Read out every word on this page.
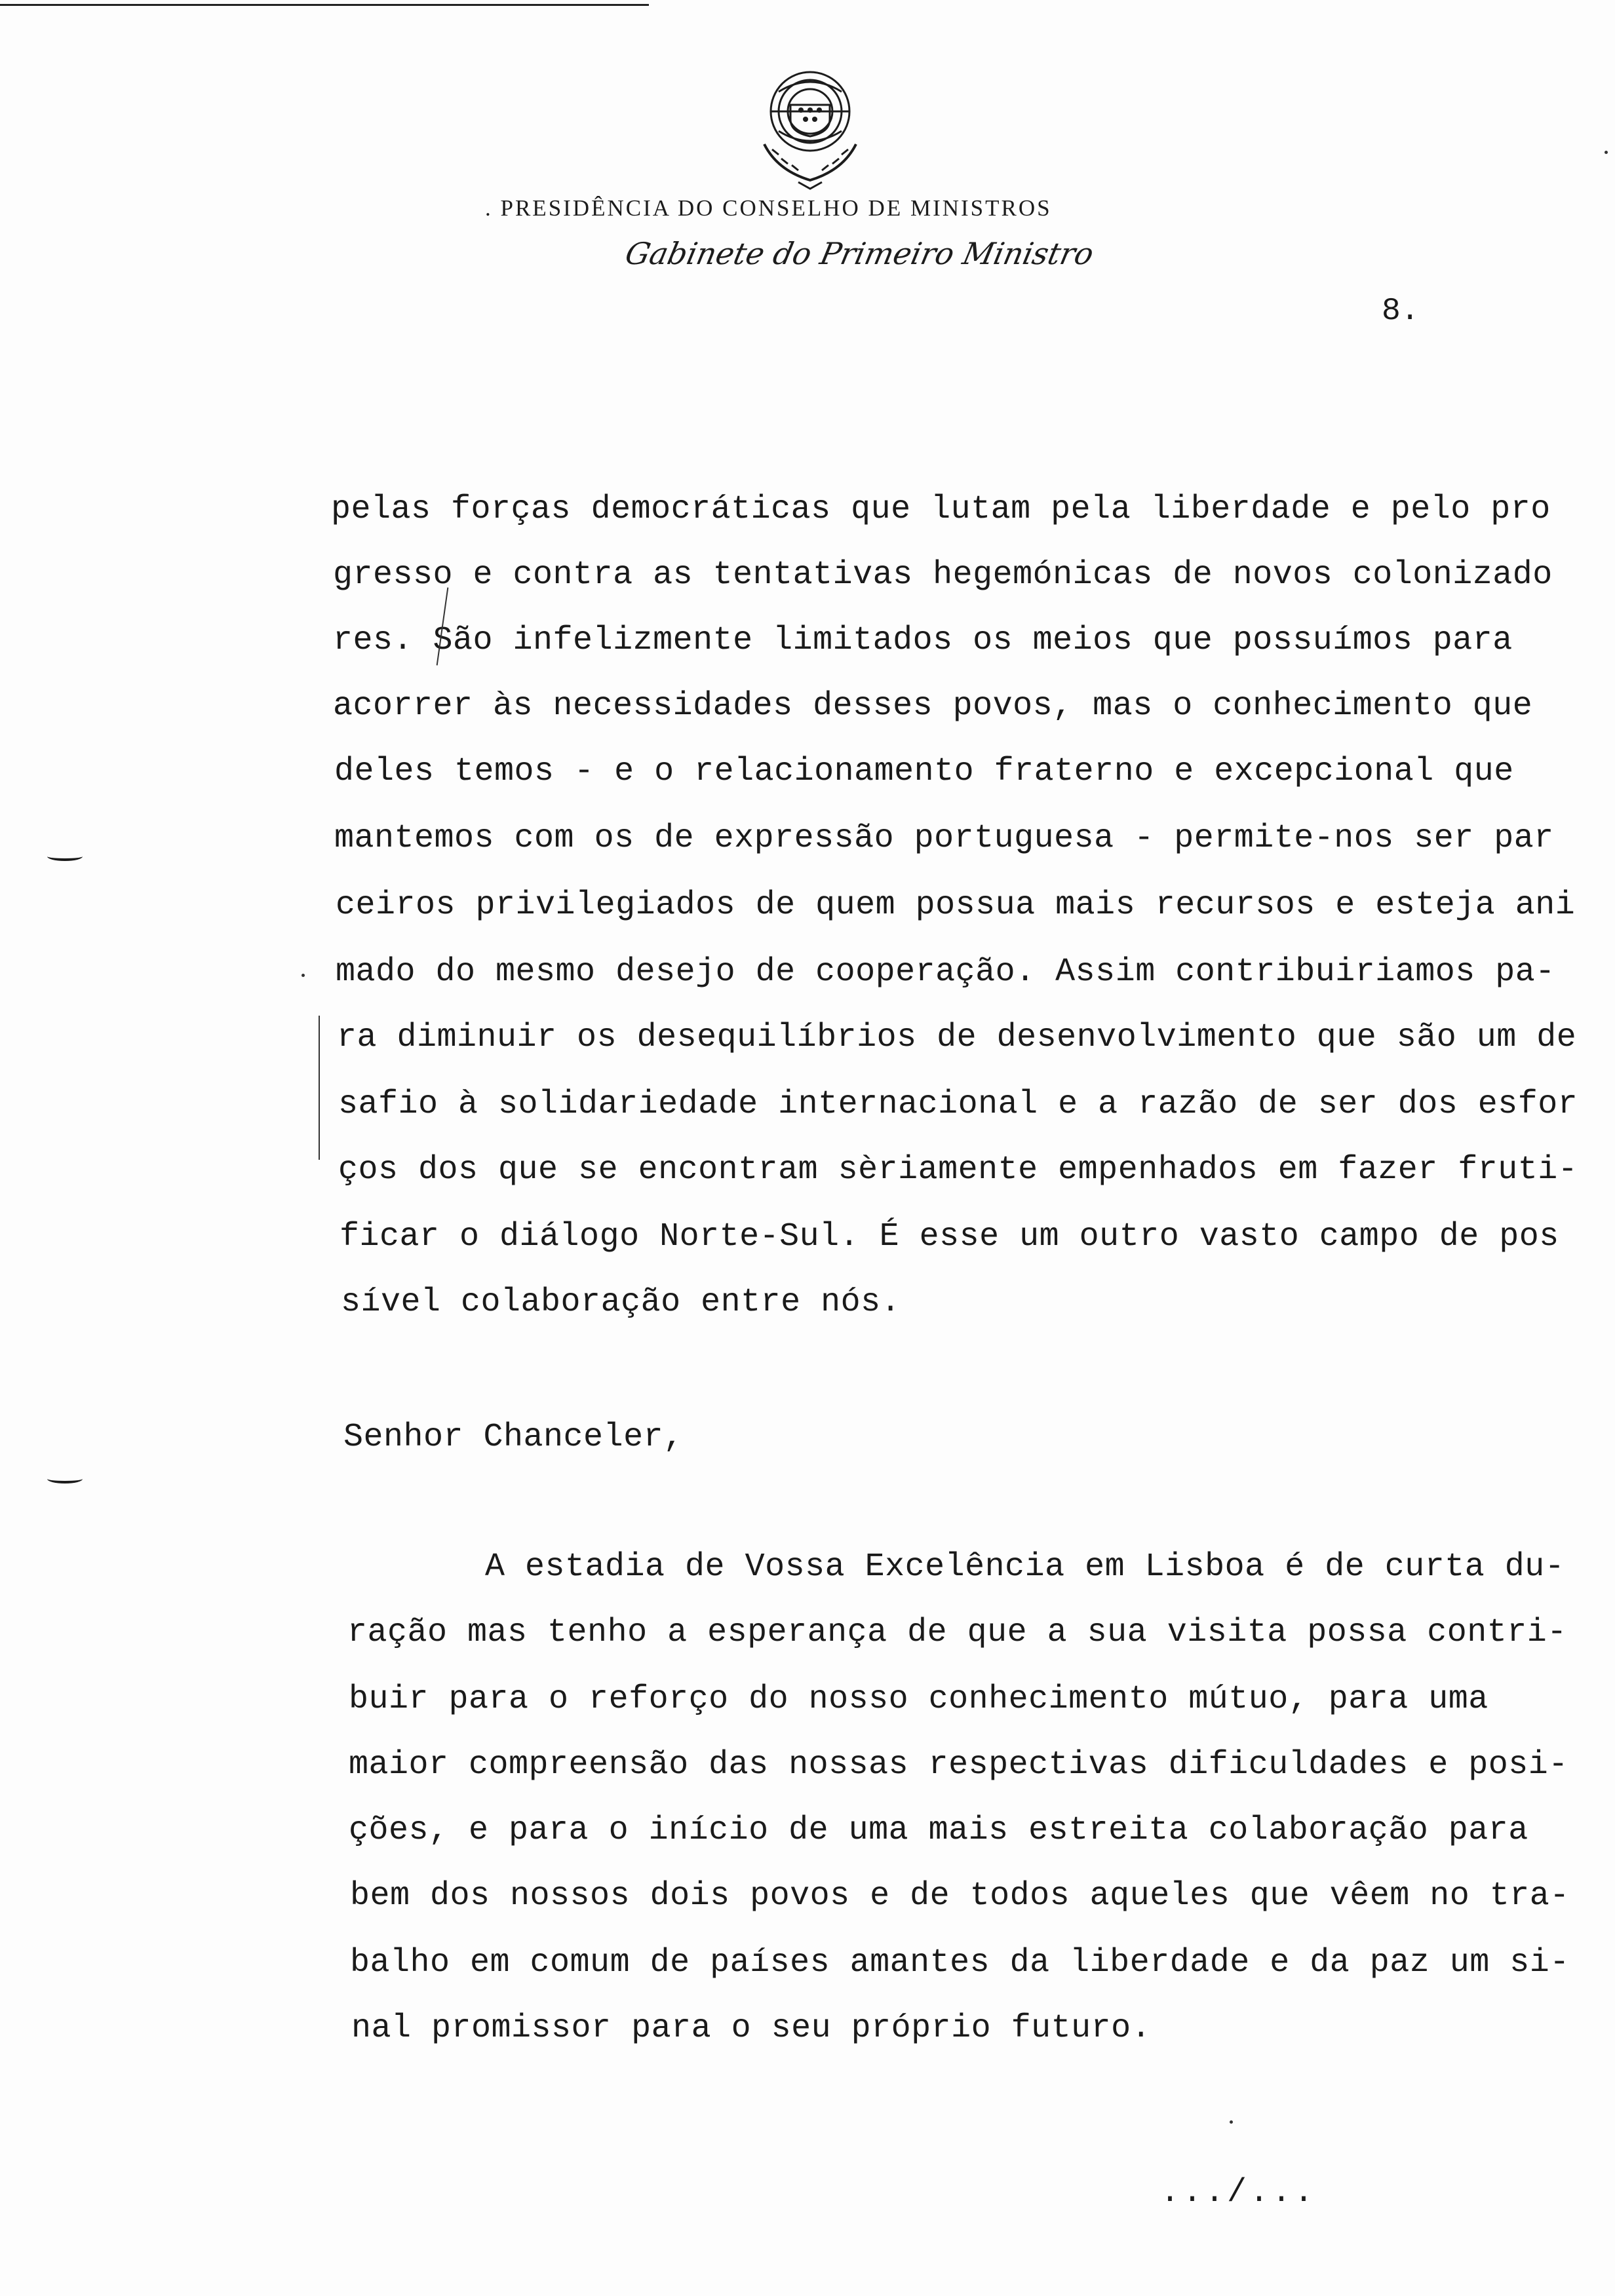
. PRESIDÊNCIA DO CONSELHO DE MINISTROS
Gabinete do Primeiro Ministro
8.
pelas forças democráticas que lutam pela liberdade e pelo pro
gresso e contra as tentativas hegemónicas de novos colonizado
res. São infelizmente limitados os meios que possuímos para
acorrer às necessidades desses povos, mas o conhecimento que
deles temos - e o relacionamento fraterno e excepcional que
mantemos com os de expressão portuguesa - permite-nos ser par
ceiros privilegiados de quem possua mais recursos e esteja ani
mado do mesmo desejo de cooperação. Assim contribuiriamos pa-
ra diminuir os desequilíbrios de desenvolvimento que são um de
safio à solidariedade internacional e a razão de ser dos esfor
ços dos que se encontram sèriamente empenhados em fazer fruti-
ficar o diálogo Norte-Sul. É esse um outro vasto campo de pos
sível colaboração entre nós.
Senhor Chanceler,
A estadia de Vossa Excelência em Lisboa é de curta du-
ração mas tenho a esperança de que a sua visita possa contri-
buir para o reforço do nosso conhecimento mútuo, para uma
maior compreensão das nossas respectivas dificuldades e posi-
ções, e para o início de uma mais estreita colaboração para
bem dos nossos dois povos e de todos aqueles que vêem no tra-
balho em comum de países amantes da liberdade e da paz um si-
nal promissor para o seu próprio futuro.
.../...
